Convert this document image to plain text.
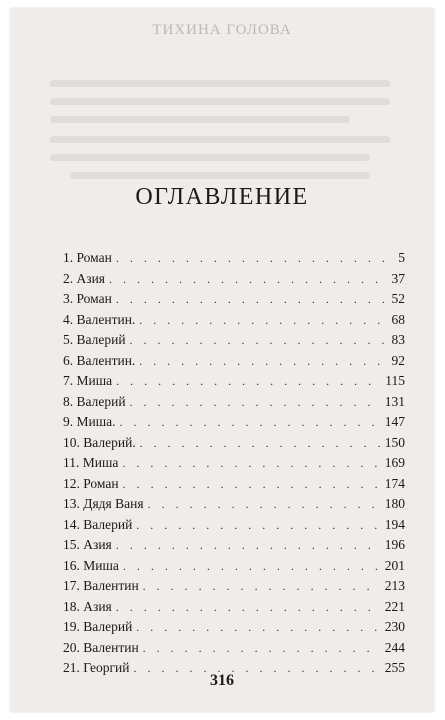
ТИХИНА ГОЛОВА
ОГЛАВЛЕНИЕ
1.
Роман . . .	5
2.
Азия . . .	37
3.
Роман . . .	52
4.
Валентин. . . .	68
5.
Валерий . . .	83
6.
Валентин. . . .	92
7.
Миша . . .	115
8.
Валерий . . .	131
9.
Миша. . . .	147
10.
Валерий. . . .	150
11.
Миша . . .	169
12.
Роман . . .	174
13.
Дядя Ваня . . .	180
14.
Валерий . . .	194
15.
Азия . . .	196
16.
Миша . . .	201
17.
Валентин . . .	213
18.
Азия . . .	221
19.
Валерий . . .	230
20.
Валентин . . .	244
21.
Георгий . . .	255
316
